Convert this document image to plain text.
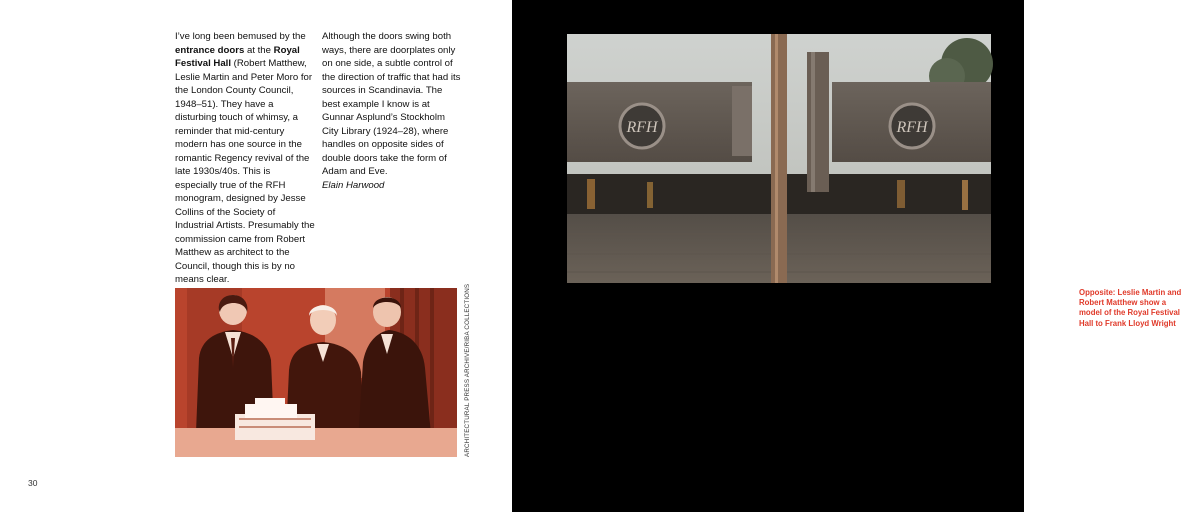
I’ve long been bemused by the entrance doors at the Royal Festival Hall (Robert Matthew, Leslie Martin and Peter Moro for the London County Council, 1948–51). They have a disturbing touch of whimsy, a reminder that mid-century modern has one source in the romantic Regency revival of the late 1930s/40s. This is especially true of the RFH monogram, designed by Jesse Collins of the Society of Industrial Artists. Presumably the commission came from Robert Matthew as architect to the Council, though this is by no means clear.

Although the doors swing both ways, there are doorplates only on one side, a subtle control of the direction of traffic that had its sources in Scandinavia. The best example I know is at Gunnar Asplund’s Stockholm City Library (1924–28), where handles on opposite sides of double doors take the form of Adam and Eve.

Elain Harwood

ARCHITECTURAL PRESS ARCHIVE/RIBA COLLECTIONS
30
Opposite: Leslie Martin and Robert Matthew show a model of the Royal Festival Hall to Frank Lloyd Wright
RFH	RFH
